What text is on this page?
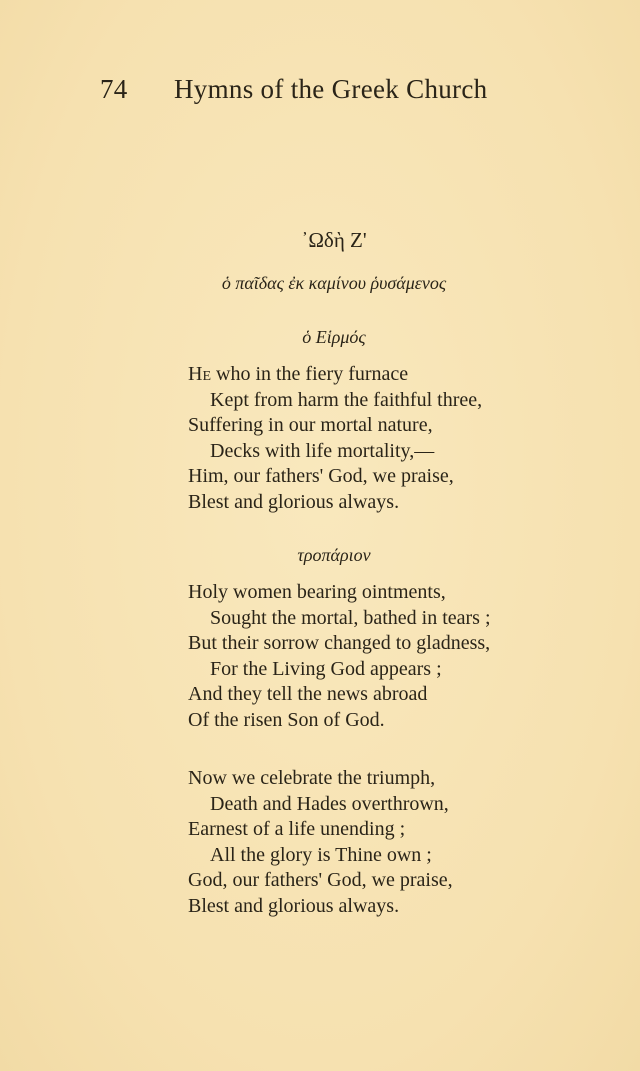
74 Hymns of the Greek Church
᾿Ωδὴ Ζ'
ὁ παῖδας ἐκ καμίνου ῥυσάμενος
ὁ Εἱρμός
He who in the fiery furnace
Kept from harm the faithful three,
Suffering in our mortal nature,
Decks with life mortality,—
Him, our fathers' God, we praise,
Blest and glorious always.
τροπάριον
Holy women bearing ointments,
Sought the mortal, bathed in tears ;
But their sorrow changed to gladness,
For the Living God appears ;
And they tell the news abroad
Of the risen Son of God.
Now we celebrate the triumph,
Death and Hades overthrown,
Earnest of a life unending ;
All the glory is Thine own ;
God, our fathers' God, we praise,
Blest and glorious always.
